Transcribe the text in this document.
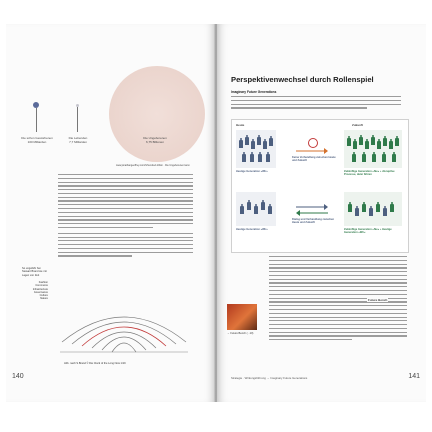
Die schon Gestorbenen
100 Milliarden
Die Lebenden
7,7 Milliarden
Die Ungeborenen
6,75 Billionen
www.jonathangeoffrey.com/h/hundred-trillion · Die Ungeborenen kann
So ungefähr hat Stewart Brand sie mit Lagen von Zeit
Fashion
Commerce
Infrastructure
Governance
Culture
Nature
Abb. nach S.Brand © Die Clock of the Long Now 1/19
140
Perspektivenwechsel durch Rollenspiel
Imaginary Future Generations
Heute	Zukunft
Heutige Generation »Wir«
Keine Verhandlung zwischen Heute und Zukunft
Zukünftige Generation »Sie« + disruptive Prozesse, dann führen
Heutige Generation »Wir«
Dialog und Verhandlung zwischen Heute und Zukunft
Zukünftige Generation »Sie« + Heutige Generation »Wir«
Future Bench
→ Future Bench (...10)
Strategie · Wirkungsführung → Imaginary Future Generations	141
